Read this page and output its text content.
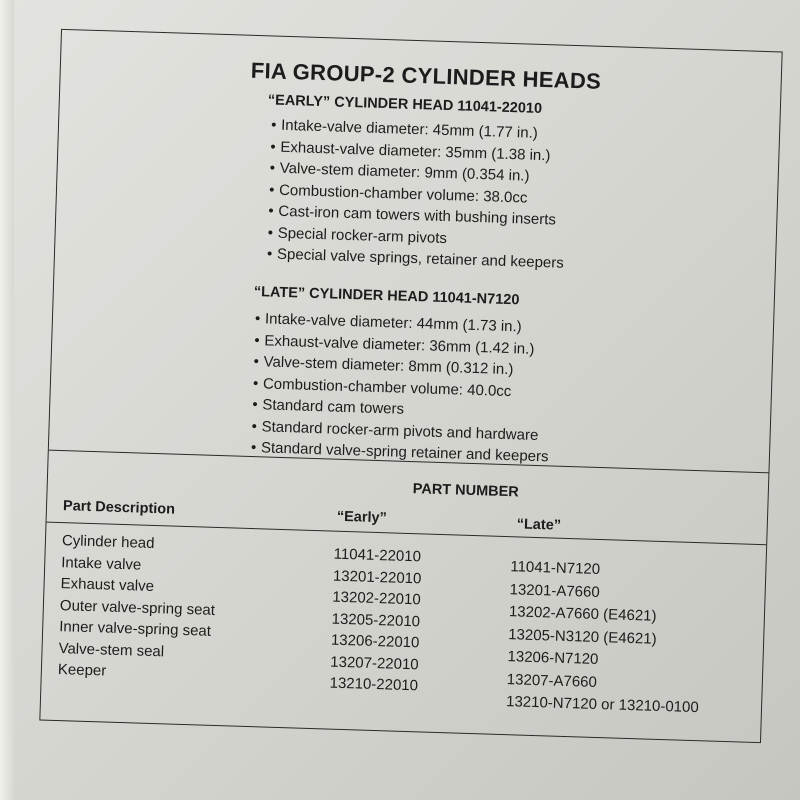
FIA GROUP-2 CYLINDER HEADS
“EARLY” CYLINDER HEAD 11041-22010
• Intake-valve diameter: 45mm (1.77 in.)
• Exhaust-valve diameter: 35mm (1.38 in.)
• Valve-stem diameter: 9mm (0.354 in.)
• Combustion-chamber volume: 38.0cc
• Cast-iron cam towers with bushing inserts
• Special rocker-arm pivots
• Special valve springs, retainer and keepers
“LATE” CYLINDER HEAD 11041-N7120
• Intake-valve diameter: 44mm (1.73 in.)
• Exhaust-valve diameter: 36mm (1.42 in.)
• Valve-stem diameter: 8mm (0.312 in.)
• Combustion-chamber volume: 40.0cc
• Standard cam towers
• Standard rocker-arm pivots and hardware
• Standard valve-spring retainer and keepers
PART NUMBER
Part Description	“Early”	“Late”
Cylinder head
Intake valve
Exhaust valve
Outer valve-spring seat
Inner valve-spring seat
Valve-stem seal
Keeper
11041-22010
13201-22010
13202-22010
13205-22010
13206-22010
13207-22010
13210-22010
11041-N7120
13201-A7660
13202-A7660 (E4621)
13205-N3120 (E4621)
13206-N7120
13207-A7660
13210-N7120 or 13210-0100
